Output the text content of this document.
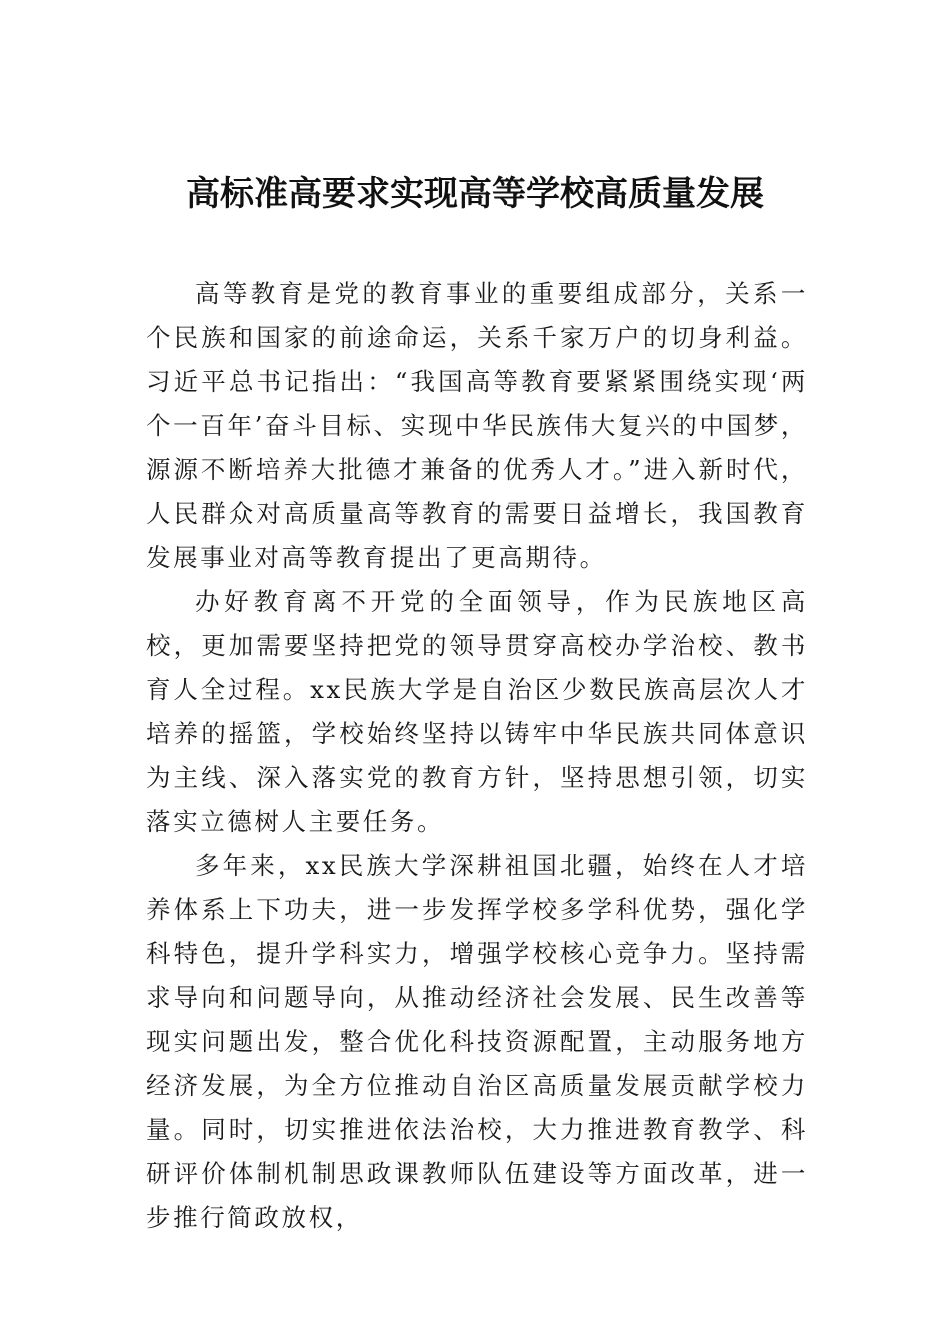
高标准高要求实现高等学校高质量发展

高等教育是党的教育事业的重要组成部分，关系一个民族和国家的前途命运，关系千家万户的切身利益。习近平总书记指出：“我国高等教育要紧紧围绕实现‘两个一百年’奋斗目标、实现中华民族伟大复兴的中国梦，源源不断培养大批德才兼备的优秀人才。”进入新时代，人民群众对高质量高等教育的需要日益增长，我国教育发展事业对高等教育提出了更高期待。

办好教育离不开党的全面领导，作为民族地区高校，更加需要坚持把党的领导贯穿高校办学治校、教书育人全过程。xx民族大学是自治区少数民族高层次人才培养的摇篮，学校始终坚持以铸牢中华民族共同体意识为主线、深入落实党的教育方针，坚持思想引领，切实落实立德树人主要任务。

多年来，xx民族大学深耕祖国北疆，始终在人才培养体系上下功夫，进一步发挥学校多学科优势，强化学科特色，提升学科实力，增强学校核心竞争力。坚持需求导向和问题导向，从推动经济社会发展、民生改善等现实问题出发，整合优化科技资源配置，主动服务地方经济发展，为全方位推动自治区高质量发展贡献学校力量。同时，切实推进依法治校，大力推进教育教学、科研评价体制机制思政课教师队伍建设等方面改革，进一步推行简政放权，
